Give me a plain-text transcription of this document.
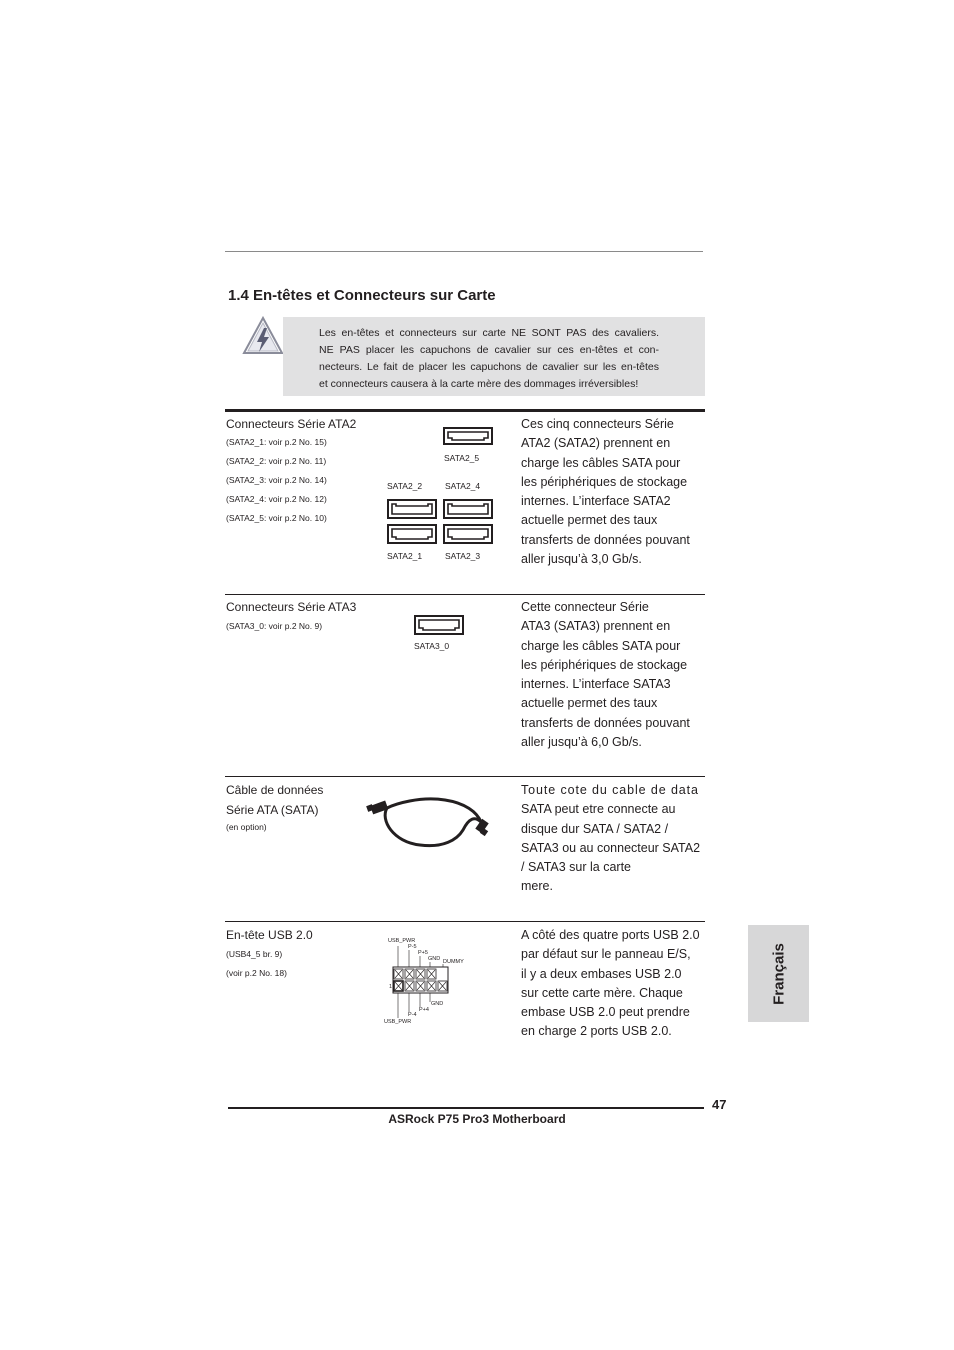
1.4 En-têtes et Connecteurs sur Carte
Les en-têtes et connecteurs sur carte NE SONT PAS des cavaliers.
NE PAS placer les capuchons de cavalier sur ces en-têtes et con-
necteurs. Le fait de placer les capuchons de cavalier sur les en-têtes
et connecteurs causera à la carte mère des dommages irréversibles!
Connecteurs Série ATA2
(SATA2_1: voir p.2 No. 15)
(SATA2_2: voir p.2 No. 11)
(SATA2_3: voir p.2 No. 14)
(SATA2_4: voir p.2 No. 12)
(SATA2_5: voir p.2 No. 10)
SATA2_5
SATA2_2	SATA2_4
SATA2_1	SATA2_3
Ces cinq connecteurs Série
ATA2 (SATA2) prennent en
charge les câbles SATA pour
les périphériques de stockage
internes. L’interface SATA2
actuelle permet des taux
transferts de données pouvant
aller jusqu’à 3,0 Gb/s.
Connecteurs Série ATA3
(SATA3_0: voir p.2 No. 9)
SATA3_0
Cette connecteur Série
ATA3 (SATA3) prennent en
charge les câbles SATA pour
les périphériques de stockage
internes. L’interface SATA3
actuelle permet des taux
transferts de données pouvant
aller jusqu’à 6,0 Gb/s.
Câble de données
Série ATA (SATA)
(en option)
Toute cote du cable de data
SATA peut etre connecte au
disque dur SATA / SATA2 /
SATA3 ou au connecteur SATA2
/ SATA3 sur la carte
mere.
En-tête USB 2.0
(USB4_5 br. 9)
(voir p.2 No. 18)
USB_PWR
P-5
P+5
GND DUMMY
1
GND
P+4
P-4
USB_PWR
A côté des quatre ports USB 2.0
par défaut sur le panneau E/S,
il y a deux embases USB 2.0
sur cette carte mère. Chaque
embase USB 2.0 peut prendre
en charge 2 ports USB 2.0.
Français
47
ASRock P75 Pro3 Motherboard
